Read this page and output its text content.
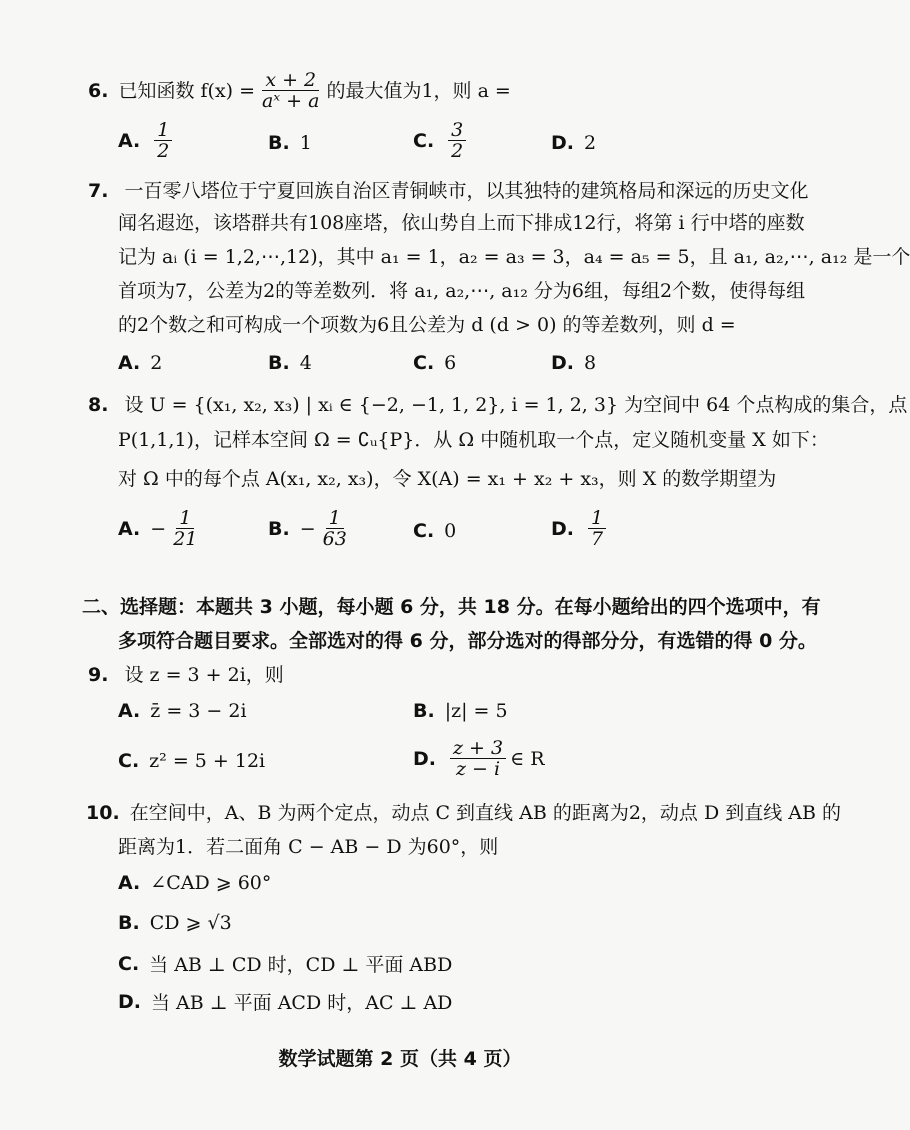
6. 已知函数 $f(x) = \frac{x + 2}{\text{aˣ + a}}$ 的最大值为1，则 a =
A. $\frac{1}{2}$	B. 1	C. $\frac{3}{2}$	D. 2
7. 一百零八塔位于宁夏回族自治区青铜峡市，以其独特的建筑格局和深远的历史文化
闻名遐迩，该塔群共有108座塔，依山势自上而下排成12行，将第 i 行中塔的座数
记为 aᵢ (i = 1,2,⋯,12)，其中 a₁ = 1，a₂ = a₃ = 3，a₄ = a₅ = 5，且 a₁, a₂,⋯, a₁₂ 是一个
首项为7，公差为2的等差数列．将 a₁, a₂,⋯, a₁₂ 分为6组，每组2个数，使得每组
的2个数之和可构成一个项数为6且公差为 d (d > 0) 的等差数列，则 d =
A. 2	B. 4	C. 6	D. 8
8. 设 U = {(x₁, x₂, x₃) | xᵢ ∈ {−2, −1, 1, 2}, i = 1, 2, 3} 为空间中 64 个点构成的集合，点
P(1,1,1)，记样本空间 Ω = ∁ᵤ{P}．从 Ω 中随机取一个点，定义随机变量 X 如下：
对 Ω 中的每个点 A(x₁, x₂, x₃)，令 X(A) = x₁ + x₂ + x₃，则 X 的数学期望为
A. − $\frac{1}{21}$	B. − $\frac{1}{63}$	C. 0	D. $\frac{1}{7}$
二、选择题：本题共 3 小题，每小题 6 分，共 18 分。在每小题给出的四个选项中，有
多项符合题目要求。全部选对的得 6 分，部分选对的得部分分，有选错的得 0 分。
9. 设 z = 3 + 2i，则
A. z̄ = 3 − 2i	B. |z| = 5
C. z² = 5 + 12i	D. $\frac{z + 3}{z - i}$ ∈ R
10. 在空间中，A、B 为两个定点，动点 C 到直线 AB 的距离为2，动点 D 到直线 AB 的
距离为1．若二面角 C − AB − D 为60°，则
A. ∠CAD ⩾ 60°
B. CD ⩾ √3
C. 当 AB ⊥ CD 时，CD ⊥ 平面 ABD
D. 当 AB ⊥ 平面 ACD 时，AC ⊥ AD
数学试题第 2 页（共 4 页）
